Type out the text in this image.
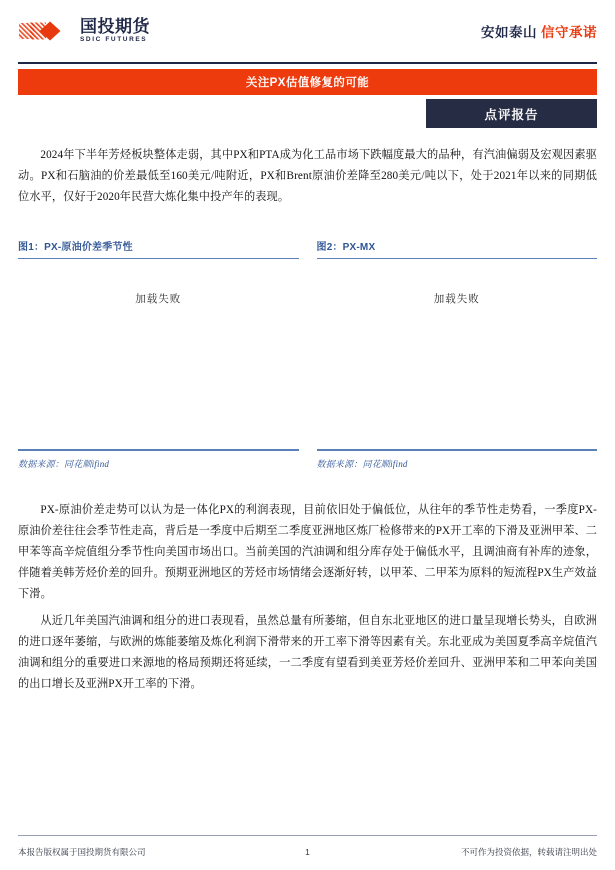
国投期货
SDIC FUTURES	安如泰山 信守承诺
关注PX估值修复的可能
点评报告

2024年下半年芳烃板块整体走弱，其中PX和PTA成为化工品市场下跌幅度最大的品种，有汽油偏弱及宏观因素驱动。PX和石脑油的价差最低至160美元/吨附近，PX和Brent原油价差降至280美元/吨以下，处于2021年以来的同期低位水平，仅好于2020年民营大炼化集中投产年的表现。

图1：PX-原油价差季节性
加载失败
数据来源：同花顺ifind
图2：PX-MX
加载失败
数据来源：同花顺ifind

PX-原油价差走势可以认为是一体化PX的利润表现，目前依旧处于偏低位，从往年的季节性走势看，一季度PX-原油价差往往会季节性走高，背后是一季度中后期至二季度亚洲地区炼厂检修带来的PX开工率的下滑及亚洲甲苯、二甲苯等高辛烷值组分季节性向美国市场出口。当前美国的汽油调和组分库存处于偏低水平，且调油商有补库的迹象，伴随着美韩芳烃价差的回升。预期亚洲地区的芳烃市场情绪会逐渐好转，以甲苯、二甲苯为原料的短流程PX生产效益下滑。

从近几年美国汽油调和组分的进口表现看，虽然总量有所萎缩，但自东北亚地区的进口量呈现增长势头，自欧洲的进口逐年萎缩，与欧洲的炼能萎缩及炼化利润下滑带来的开工率下滑等因素有关。东北亚成为美国夏季高辛烷值汽油调和组分的重要进口来源地的格局预期还将延续，一二季度有望看到美亚芳烃价差回升、亚洲甲苯和二甲苯向美国的出口增长及亚洲PX开工率的下滑。

本报告版权属于国投期货有限公司	1	不可作为投资依据，转载请注明出处
